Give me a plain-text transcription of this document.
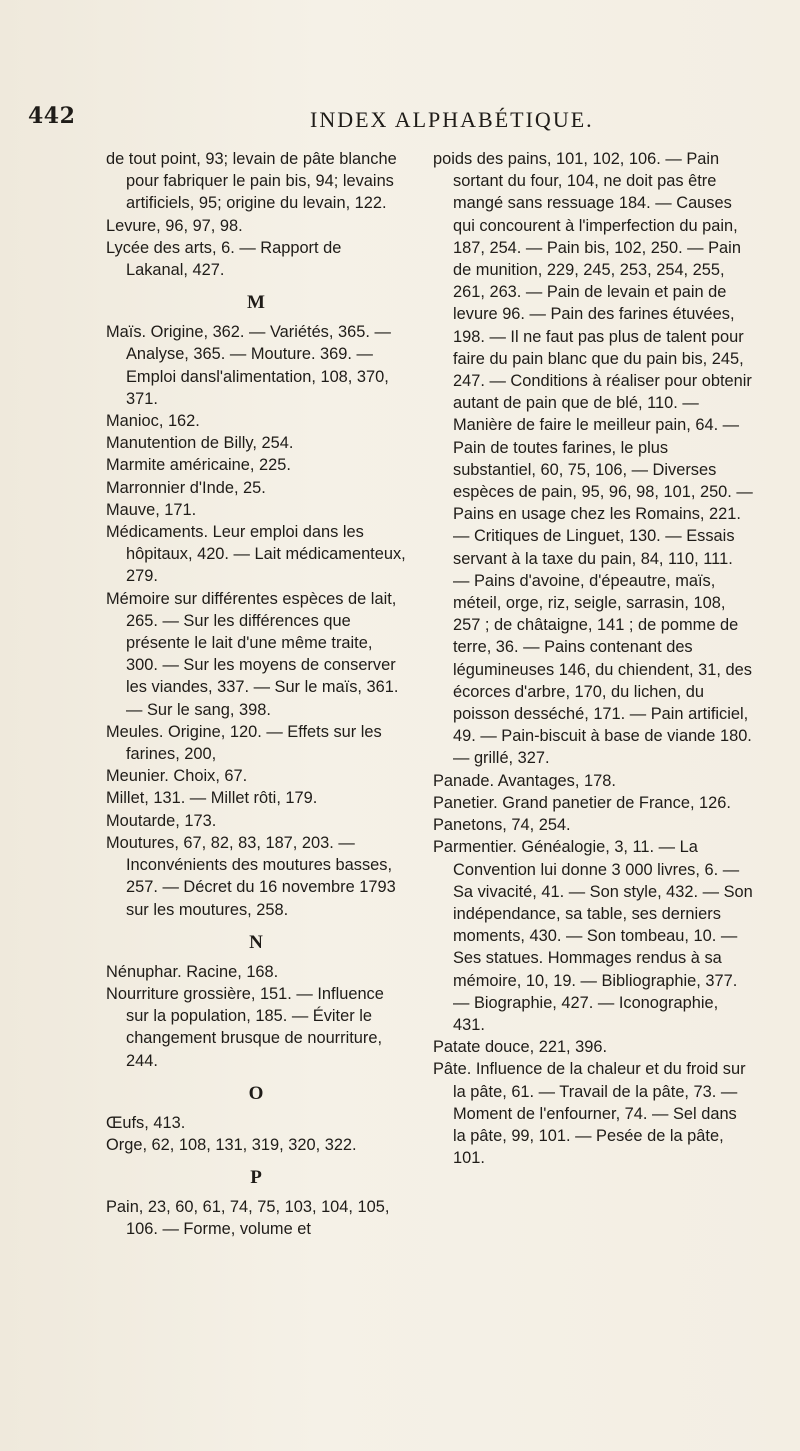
442	INDEX ALPHABÉTIQUE.

de tout point, 93; levain de pâte blanche pour fabriquer le pain bis, 94; levains artificiels, 95; origine du levain, 122.

Levure, 96, 97, 98.

Lycée des arts, 6. — Rapport de Lakanal, 427.

M

Maïs. Origine, 362. — Variétés, 365. — Analyse, 365. — Mouture. 369. — Emploi dansl'alimentation, 108, 370, 371.

Manioc, 162.

Manutention de Billy, 254.

Marmite américaine, 225.

Marronnier d'Inde, 25.

Mauve, 171.

Médicaments. Leur emploi dans les hôpitaux, 420. — Lait médicamenteux, 279.

Mémoire sur différentes espèces de lait, 265. — Sur les différences que présente le lait d'une même traite, 300. — Sur les moyens de conserver les viandes, 337. — Sur le maïs, 361. — Sur le sang, 398.

Meules. Origine, 120. — Effets sur les farines, 200,

Meunier. Choix, 67.

Millet, 131. — Millet rôti, 179.

Moutarde, 173.

Moutures, 67, 82, 83, 187, 203. — Inconvénients des moutures basses, 257. — Décret du 16 novembre 1793 sur les moutures, 258.

N

Nénuphar. Racine, 168.

Nourriture grossière, 151. — Influence sur la population, 185. — Éviter le changement brusque de nourriture, 244.

O

Œufs, 413.

Orge, 62, 108, 131, 319, 320, 322.

P

Pain, 23, 60, 61, 74, 75, 103, 104, 105, 106. — Forme, volume et

poids des pains, 101, 102, 106. — Pain sortant du four, 104, ne doit pas être mangé sans ressuage 184. — Causes qui concourent à l'imperfection du pain, 187, 254. — Pain bis, 102, 250. — Pain de munition, 229, 245, 253, 254, 255, 261, 263. — Pain de levain et pain de levure 96. — Pain des farines étuvées, 198. — Il ne faut pas plus de talent pour faire du pain blanc que du pain bis, 245, 247. — Conditions à réaliser pour obtenir autant de pain que de blé, 110. — Manière de faire le meilleur pain, 64. — Pain de toutes farines, le plus substantiel, 60, 75, 106, — Diverses espèces de pain, 95, 96, 98, 101, 250. — Pains en usage chez les Romains, 221. — Critiques de Linguet, 130. — Essais servant à la taxe du pain, 84, 110, 111. — Pains d'avoine, d'épeautre, maïs, méteil, orge, riz, seigle, sarrasin, 108, 257 ; de châtaigne, 141 ; de pomme de terre, 36. — Pains contenant des légumineuses 146, du chiendent, 31, des écorces d'arbre, 170, du lichen, du poisson desséché, 171. — Pain artificiel, 49. — Pain-biscuit à base de viande 180. — grillé, 327.

Panade. Avantages, 178.

Panetier. Grand panetier de France, 126.

Panetons, 74, 254.

Parmentier. Généalogie, 3, 11. — La Convention lui donne 3 000 livres, 6. — Sa vivacité, 41. — Son style, 432. — Son indépendance, sa table, ses derniers moments, 430. — Son tombeau, 10. — Ses statues. Hommages rendus à sa mémoire, 10, 19. — Bibliographie, 377. — Biographie, 427. — Iconographie, 431.

Patate douce, 221, 396.

Pâte. Influence de la chaleur et du froid sur la pâte, 61. — Travail de la pâte, 73. — Moment de l'enfourner, 74. — Sel dans la pâte, 99, 101. — Pesée de la pâte, 101.
